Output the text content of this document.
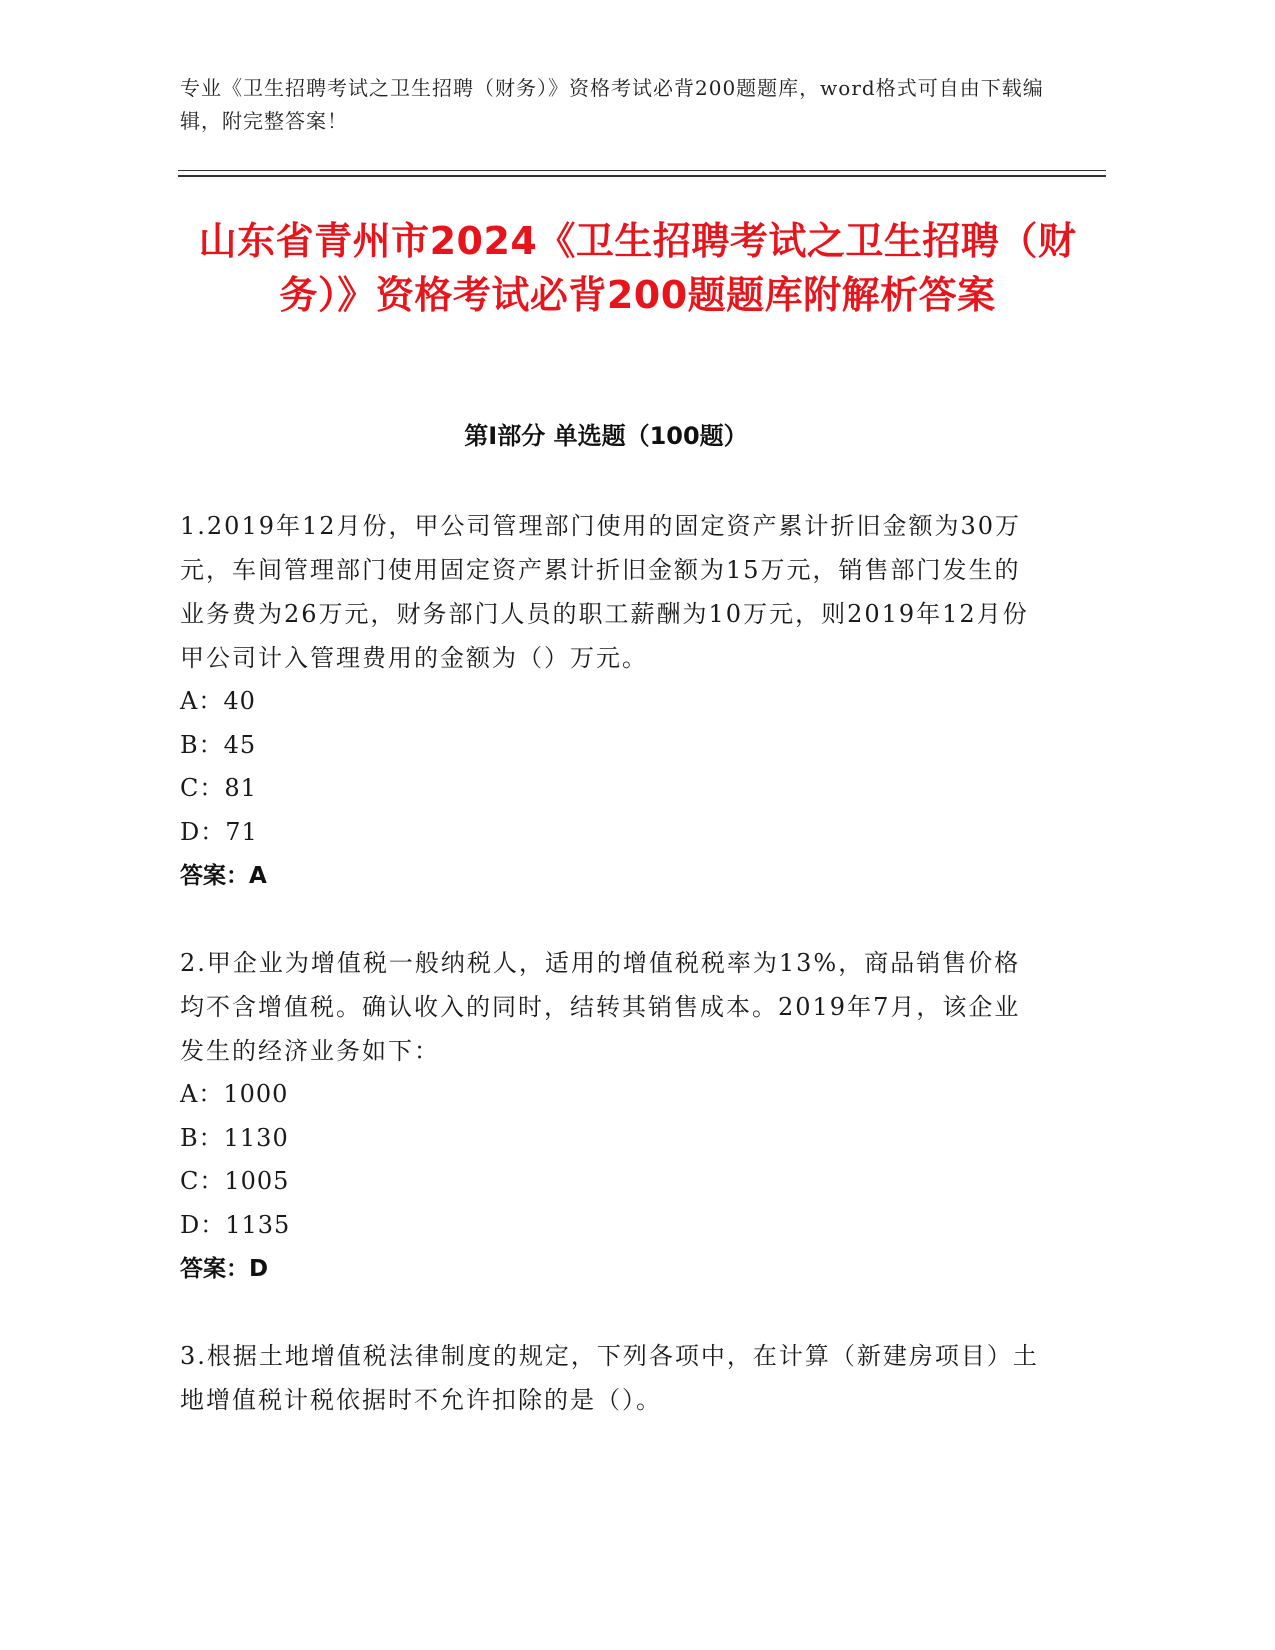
专业《卫生招聘考试之卫生招聘（财务）》资格考试必背200题题库，word格式可自由下载编辑，附完整答案！
山东省青州市2024《卫生招聘考试之卫生招聘（财务）》资格考试必背200题题库附解析答案
第Ⅰ部分 单选题（100题）
1.2019年12月份，甲公司管理部门使用的固定资产累计折旧金额为30万元，车间管理部门使用固定资产累计折旧金额为15万元，销售部门发生的业务费为26万元，财务部门人员的职工薪酬为10万元，则2019年12月份甲公司计入管理费用的金额为（）万元。
A：40
B：45
C：81
D：71
答案：A
2.甲企业为增值税一般纳税人，适用的增值税税率为13%，商品销售价格均不含增值税。确认收入的同时，结转其销售成本。2019年7月，该企业发生的经济业务如下：
A：1000
B：1130
C：1005
D：1135
答案：D
3.根据土地增值税法律制度的规定，下列各项中，在计算（新建房项目）土地增值税计税依据时不允许扣除的是（）。
